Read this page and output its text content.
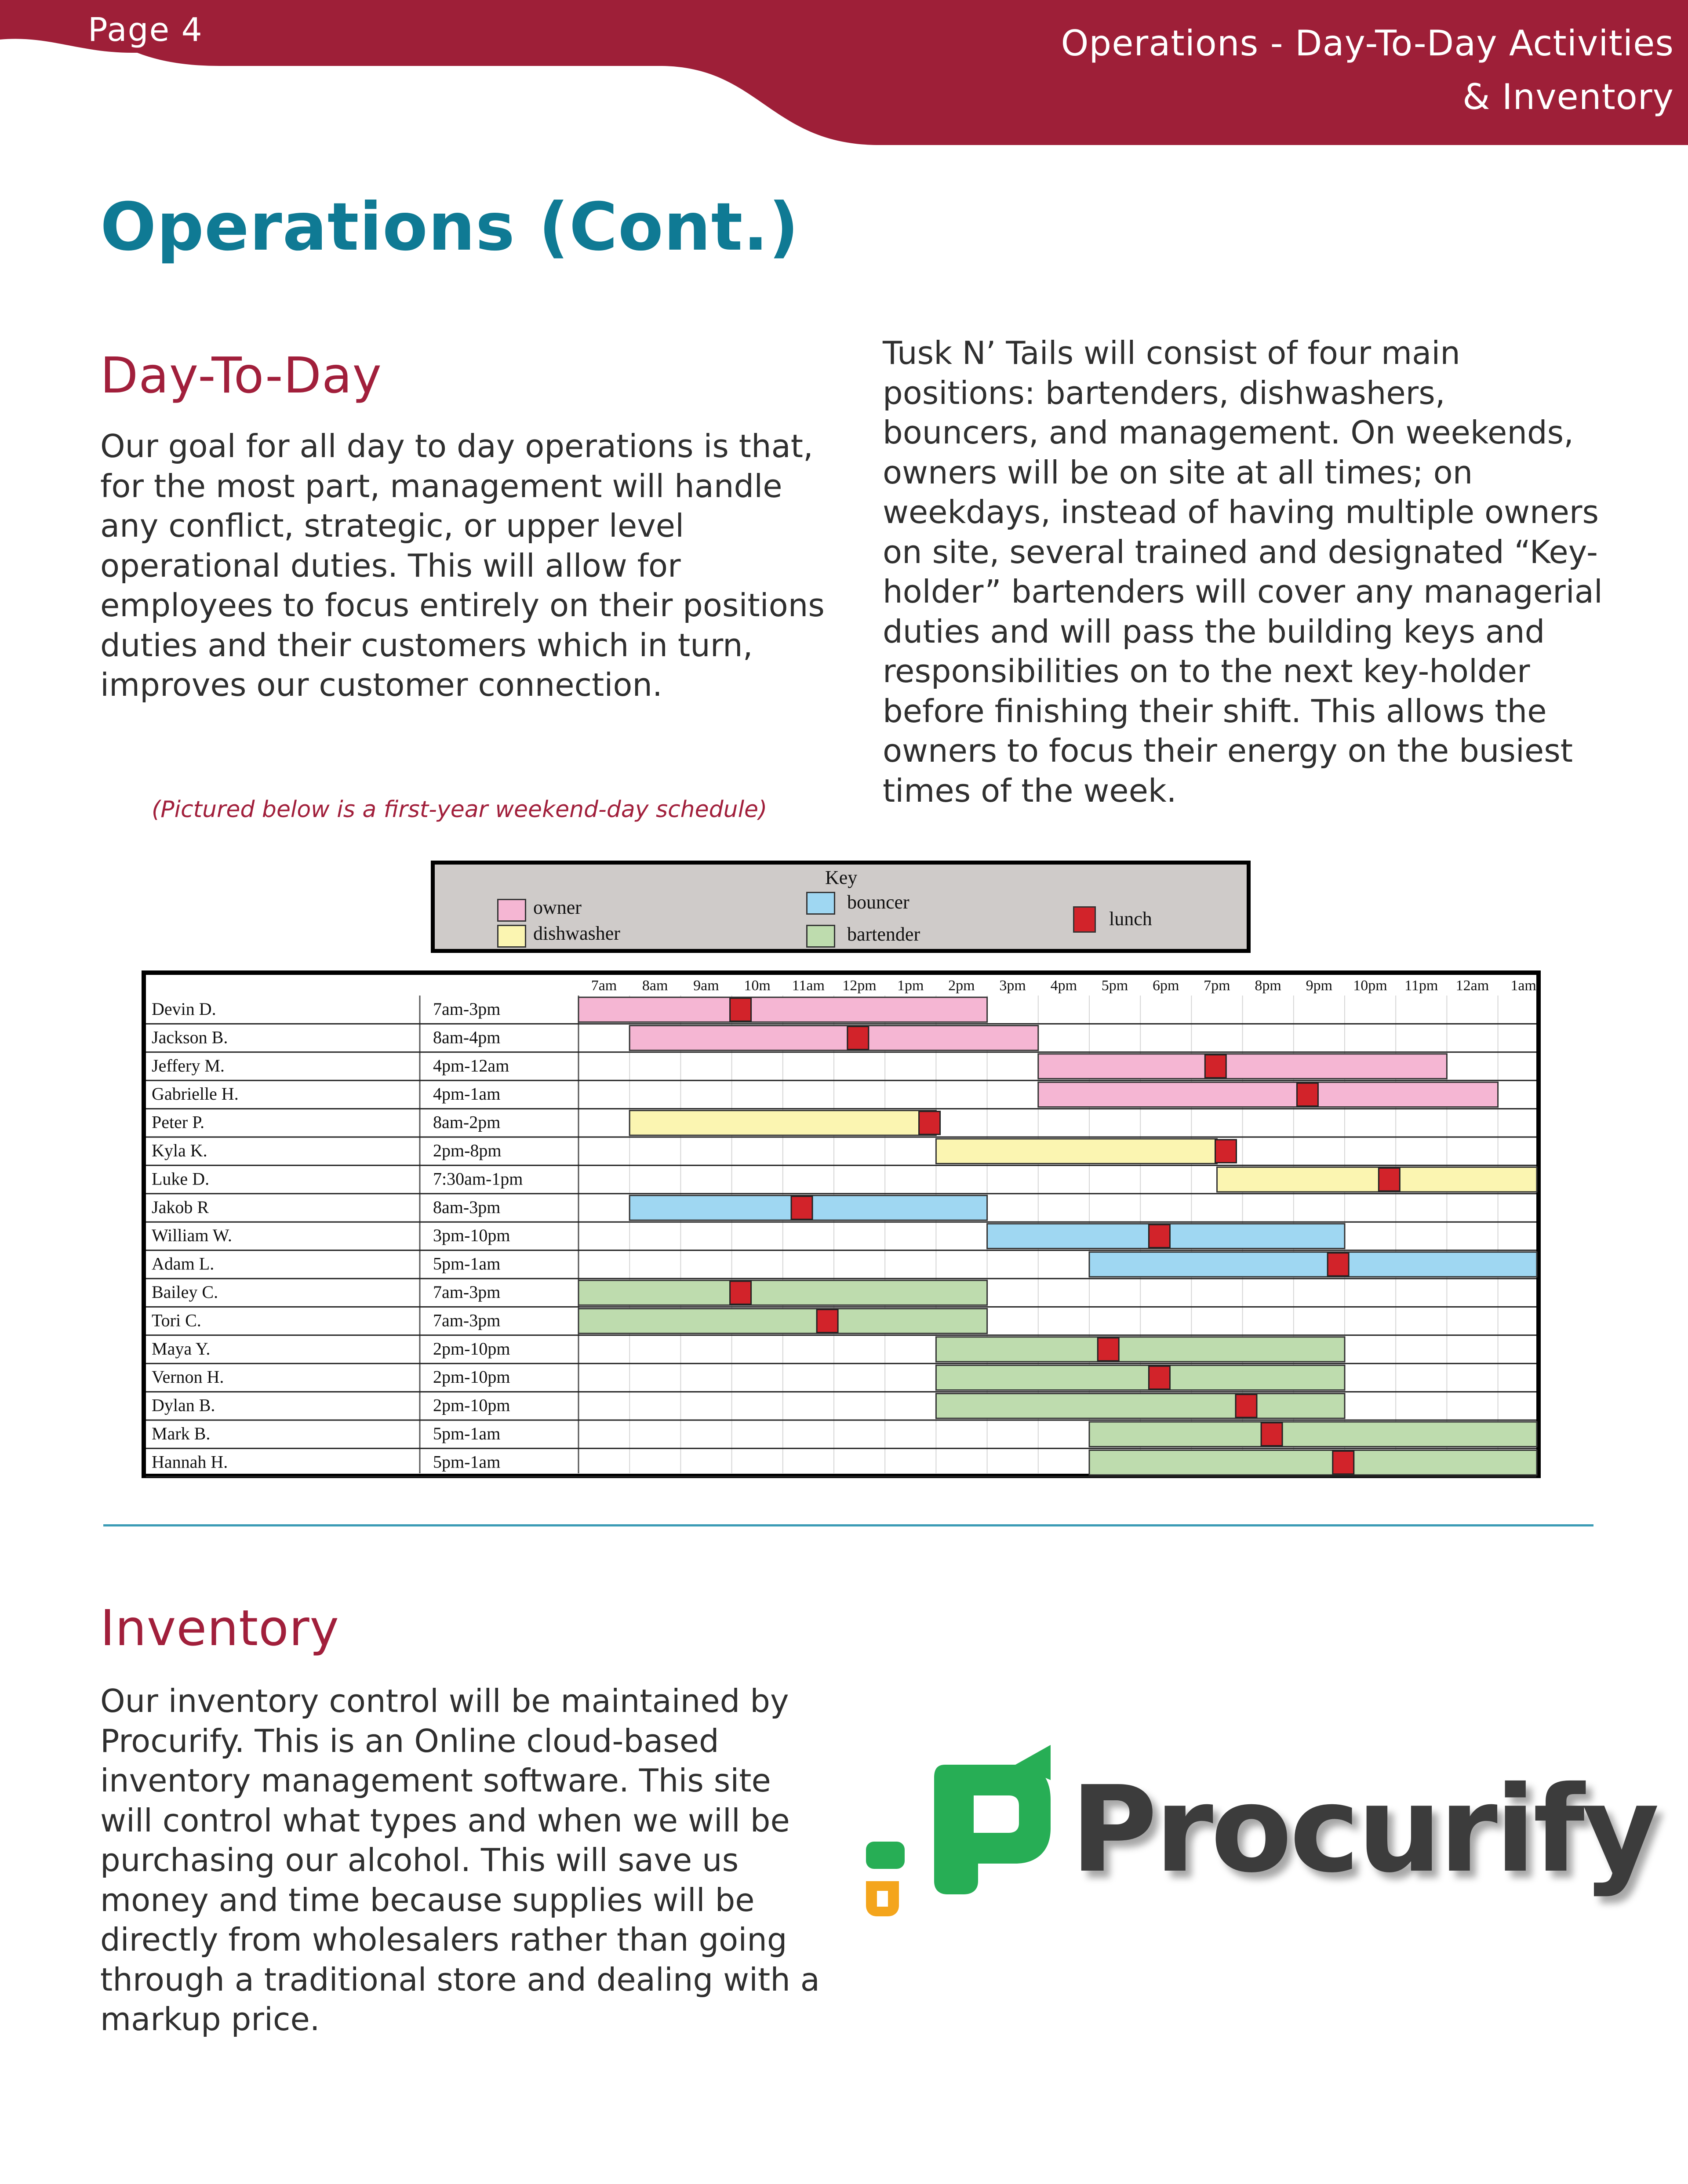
Page 4	Operations - Day-To-Day Activities
& Inventory
Operations (Cont.)
Day-To-Day

Our goal for all day to day operations is that, for the most part, management will handle any conflict, strategic, or upper level operational duties. This will allow for employees to focus entirely on their positions duties and their customers which in turn, improves our customer connection.

Tusk N’ Tails will consist of four main positions: bartenders, dishwashers, bouncers, and management. On weekends, owners will be on site at all times; on weekdays, instead of having multiple owners on site, several trained and designated “Key-holder” bartenders will cover any managerial duties and will pass the building keys and responsibilities on to the next key-holder before finishing their shift. This allows the owners to focus their energy on the busiest times of the week.

(Pictured below is a first-year weekend-day schedule)
Key
owner
dishwasher
bouncer
bartender
lunch
7am 8am 9am 10m 11am 12pm 1pm 2pm 3pm 4pm 5pm 6pm 7pm 8pm 9pm 10pm 11pm 12am 1am
Devin D.	7am-3pm
Jackson B.	8am-4pm
Jeffery M.	4pm-12am
Gabrielle H.	4pm-1am
Peter P.	8am-2pm
Kyla K.	2pm-8pm
Luke D.	7:30am-1pm
Jakob R	8am-3pm
William W.	3pm-10pm
Adam L.	5pm-1am
Bailey C.	7am-3pm
Tori C.	7am-3pm
Maya Y.	2pm-10pm
Vernon H.	2pm-10pm
Dylan B.	2pm-10pm
Mark B.	5pm-1am
Hannah H.	5pm-1am
Inventory

Our inventory control will be maintained by Procurify. This is an Online cloud-based inventory management software. This site will control what types and when we will be purchasing our alcohol. This will save us money and time because supplies will be directly from wholesalers rather than going through a traditional store and dealing with a markup price.

Procurify
